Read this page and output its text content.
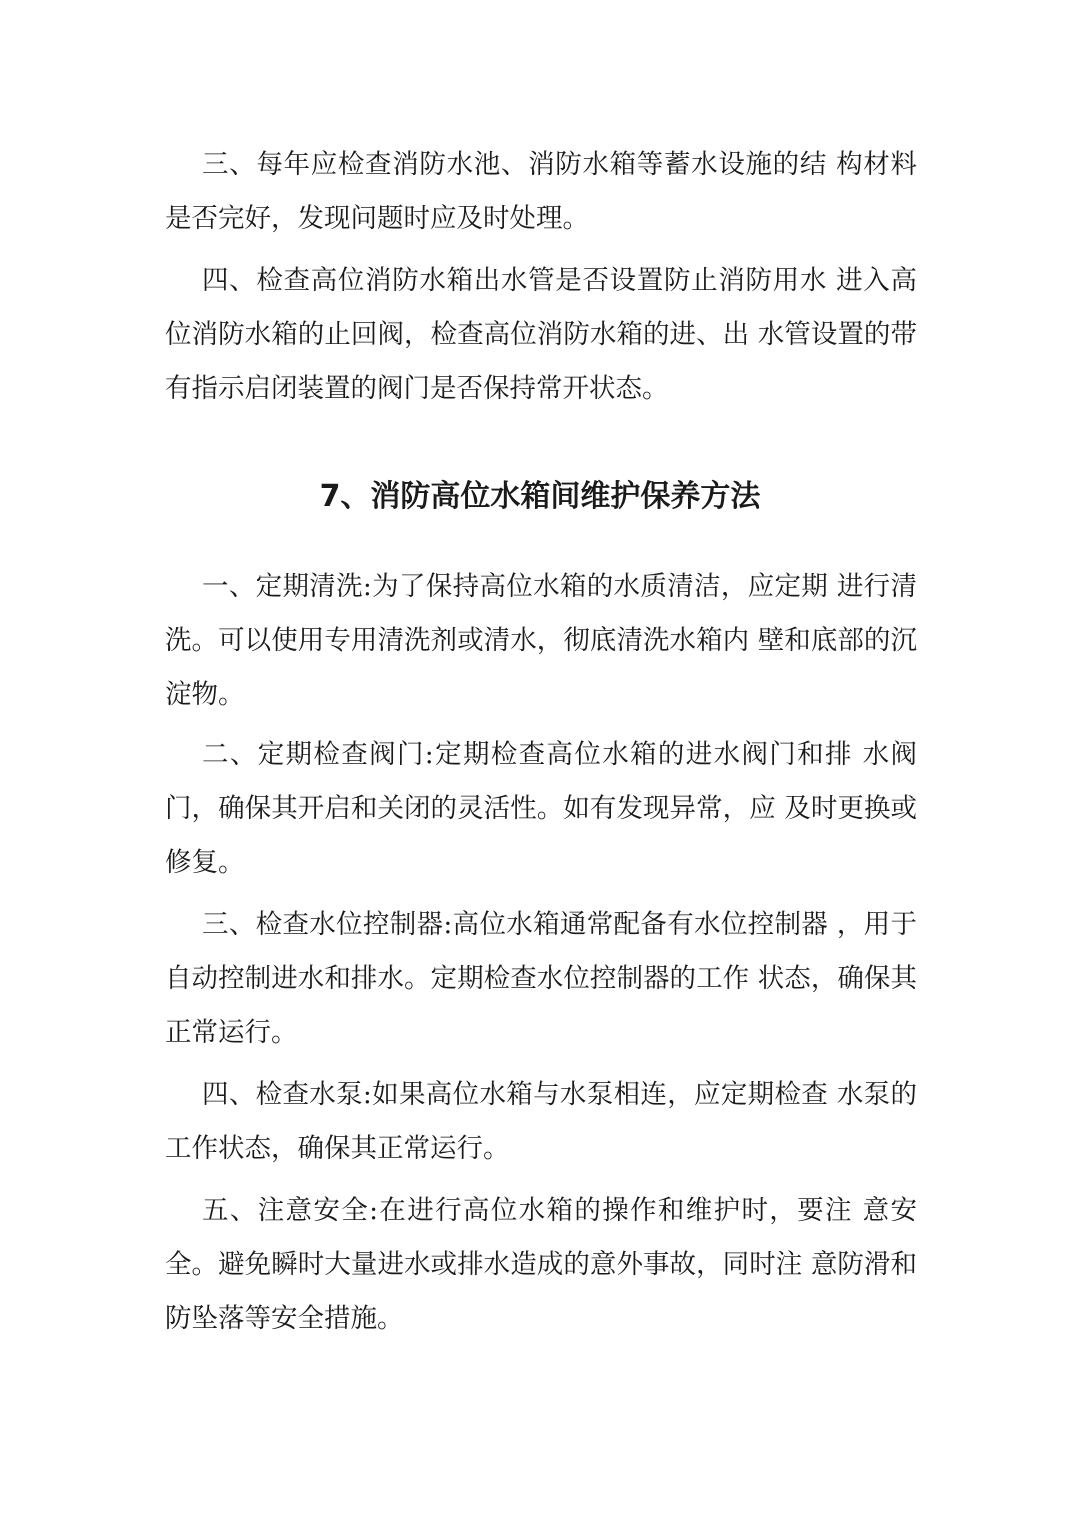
三、每年应检查消防水池、消防水箱等蓄水设施的结 构材料是否完好，发现问题时应及时处理。

四、检查高位消防水箱出水管是否设置防止消防用水 进入高位消防水箱的止回阀，检查高位消防水箱的进、出 水管设置的带有指示启闭装置的阀门是否保持常开状态。

7、消防高位水箱间维护保养方法

一、定期清洗:为了保持高位水箱的水质清洁，应定期 进行清洗。可以使用专用清洗剂或清水，彻底清洗水箱内 壁和底部的沉淀物。

二、定期检查阀门:定期检查高位水箱的进水阀门和排 水阀门，确保其开启和关闭的灵活性。如有发现异常，应 及时更换或修复。

三、检查水位控制器:高位水箱通常配备有水位控制器 ，用于自动控制进水和排水。定期检查水位控制器的工作 状态，确保其正常运行。

四、检查水泵:如果高位水箱与水泵相连，应定期检查 水泵的工作状态，确保其正常运行。

五、注意安全:在进行高位水箱的操作和维护时，要注 意安全。避免瞬时大量进水或排水造成的意外事故，同时注 意防滑和防坠落等安全措施。
